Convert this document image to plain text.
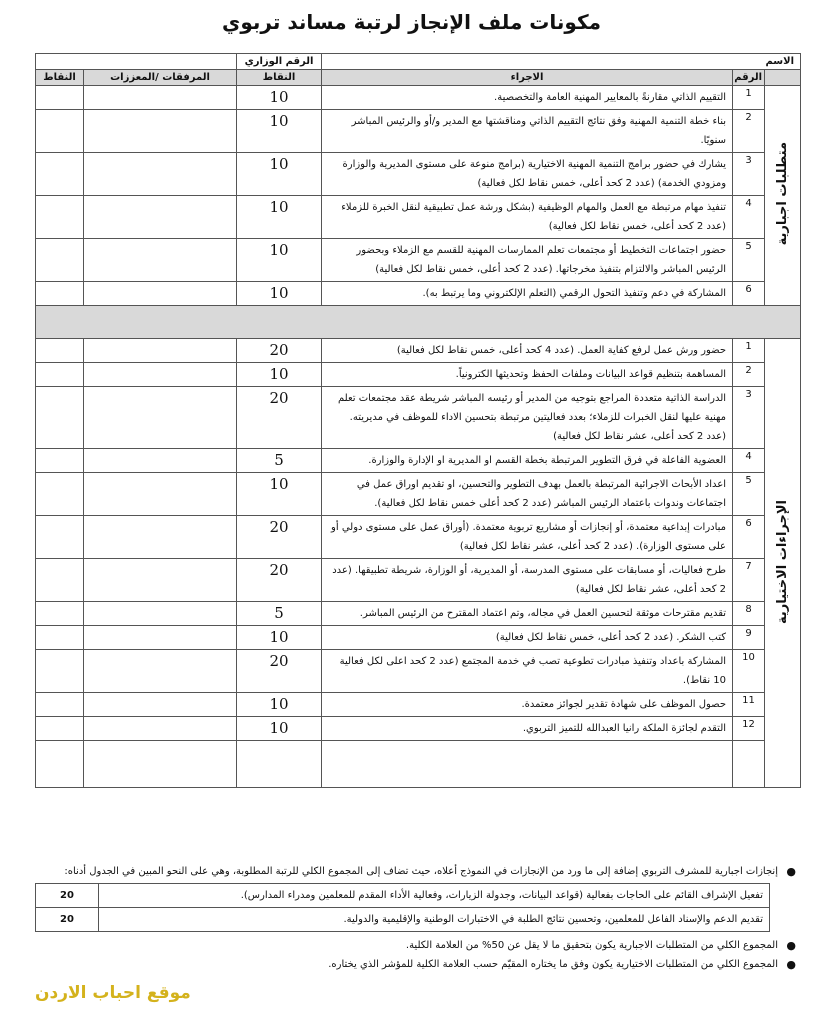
مكونات ملف الإنجاز لرتبة مساند تربوي
الاسم			الرقم الوزاري		
	الرقم	الاجراء	النقاط	المرفقات /المعززات	النقاط
متطلبات اجبارية	1	التقييم الذاتي مقارنةً بالمعايير المهنية العامة والتخصصية.	10		
	2	بناء خطة التنمية المهنية وفق نتائج التقييم الذاتي ومناقشتها مع المدير و/أو والرئيس المباشر سنويًا.	10		
	3	يشارك في حضور برامج التنمية المهنية الاختيارية (برامج منوعة على مستوى المديرية والوزارة ومزودي الخدمة) (عدد 2 كحد أعلى، خمس نقاط لكل فعالية)	10		
	4	تنفيذ مهام مرتبطة مع العمل والمهام الوظيفية (بشكل ورشة عمل تطبيقية لنقل الخبرة للزملاء (عدد 2 كحد أعلى، خمس نقاط لكل فعالية)	10		
	5	حضور اجتماعات التخطيط أو مجتمعات تعلم الممارسات المهنية للقسم مع الزملاء وبحضور الرئيس المباشر والالتزام بتنفيذ مخرجاتها. (عدد 2 كحد أعلى، خمس نقاط لكل فعالية)	10		
	6	المشاركة في دعم وتنفيذ التحول الرقمي (التعلم الإلكتروني وما يرتبط به).	10		

الإجراءات الاختيارية	1	حضور ورش عمل لرفع كفاية العمل. (عدد 4 كحد أعلى، خمس نقاط لكل فعالية)	20		
	2	المساهمة بتنظيم قواعد البيانات وملفات الحفظ وتحديثها الكترونياً.	10		
	3	الدراسة الذاتية متعددة المراجع بتوجيه من المدير أو رئيسه المباشر شريطة عقد مجتمعات تعلم مهنية عليها لنقل الخبرات للزملاء؛ بعدد فعاليتين مرتبطة بتحسين الاداء للموظف في مديريته. (عدد 2 كحد أعلى، عشر نقاط لكل فعالية)	20		
	4	العضوية الفاعلة في فرق التطوير المرتبطة بخطة القسم او المديرية او الإدارة والوزارة.	5		
	5	اعداد الأبحاث الاجرائية المرتبطة بالعمل بهدف التطوير والتحسين، او تقديم اوراق عمل في اجتماعات وندوات باعتماد الرئيس المباشر (عدد 2 كحد أعلى خمس نقاط لكل فعالية).	10		
	6	مبادرات إبداعية معتمدة، أو إنجازات أو مشاريع تربوية معتمدة. (أوراق عمل على مستوى دولي أو على مستوى الوزارة). (عدد 2 كحد أعلى، عشر نقاط لكل فعالية)	20		
	7	طرح فعاليات، أو مسابقات على مستوى المدرسة، أو المديرية، أو الوزارة، شريطة تطبيقها. (عدد 2 كحد أعلى، عشر نقاط لكل فعالية)	20		
	8	تقديم مقترحات موثقة لتحسين العمل في مجاله، وتم اعتماد المقترح من الرئيس المباشر.	5		
	9	كتب الشكر. (عدد 2 كحد أعلى، خمس نقاط لكل فعالية)	10		
	10	المشاركة باعداد وتنفيذ مبادرات تطوعية تصب في خدمة المجتمع (عدد 2 كحد اعلى لكل فعالية 10 نقاط).	20		
	11	حصول الموظف على شهادة تقدير لجوائز معتمدة.	10		
	12	التقدم لجائزة الملكة رانيا العبدالله للتميز التربوي.	10		

●
إنجازات اجبارية للمشرف التربوي إضافة إلى ما ورد من الإنجازات في النموذج أعلاه، حيث تضاف إلى المجموع الكلي للرتبة المطلوبة، وهي على النحو المبين في الجدول أدناه:
تفعيل الإشراف القائم على الحاجات بفعالية (قواعد البيانات، وجدولة الزيارات، وفعالية الأداء المقدم للمعلمين ومدراء المدارس).	20
تقديم الدعم والإسناد الفاعل للمعلمين، وتحسين نتائج الطلبة في الاختبارات الوطنية والإقليمية والدولية.	20
●
المجموع الكلي من المتطلبات الاجبارية يكون بتحقيق ما لا يقل عن 50% من العلامة الكلية.
●
المجموع الكلي من المتطلبات الاختيارية يكون وفق ما يختاره المقيّم حسب العلامة الكلية للمؤشر الذي يختاره.
موقع احباب الاردن
